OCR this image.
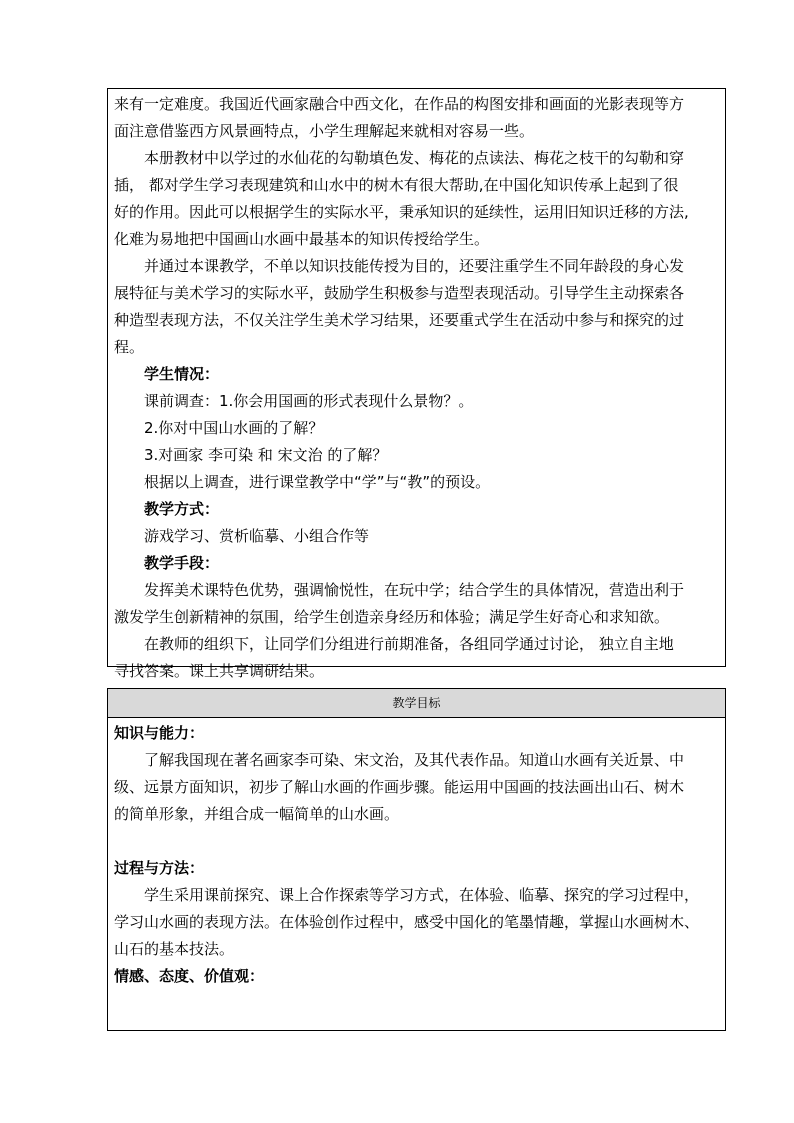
来有一定难度。我国近代画家融合中西文化，在作品的构图安排和画面的光影表现等方

面注意借鉴西方风景画特点，小学生理解起来就相对容易一些。

本册教材中以学过的水仙花的勾勒填色发、梅花的点读法、梅花之枝干的勾勒和穿

插， 都对学生学习表现建筑和山水中的树木有很大帮助,在中国化知识传承上起到了很

好的作用。因此可以根据学生的实际水平，秉承知识的延续性，运用旧知识迁移的方法,

化难为易地把中国画山水画中最基本的知识传授给学生。

并通过本课教学，不单以知识技能传授为目的，还要注重学生不同年龄段的身心发

展特征与美术学习的实际水平，鼓励学生积极参与造型表现活动。引导学生主动探索各

种造型表现方法，不仅关注学生美术学习结果，还要重式学生在活动中参与和探究的过

程。

学生情况：

课前调查：1.你会用国画的形式表现什么景物？。

2.你对中国山水画的了解？

3.对画家 李可染 和 宋文治 的了解？

根据以上调查，进行课堂教学中“学”与“教”的预设。

教学方式：

游戏学习、赏析临摹、小组合作等

教学手段：

发挥美术课特色优势，强调愉悦性，在玩中学；结合学生的具体情况，营造出利于

激发学生创新精神的氛围，给学生创造亲身经历和体验；满足学生好奇心和求知欲。

在教师的组织下，让同学们分组进行前期准备，各组同学通过讨论， 独立自主地

寻找答案。课上共享调研结果。

教学目标

知识与能力：

了解我国现在著名画家李可染、宋文治，及其代表作品。知道山水画有关近景、中

级、远景方面知识，初步了解山水画的作画步骤。能运用中国画的技法画出山石、树木

的简单形象，并组合成一幅简单的山水画。

过程与方法：

学生采用课前探究、课上合作探索等学习方式，在体验、临摹、探究的学习过程中，

学习山水画的表现方法。在体验创作过程中，感受中国化的笔墨情趣，掌握山水画树木、

山石的基本技法。

情感、态度、价值观：
